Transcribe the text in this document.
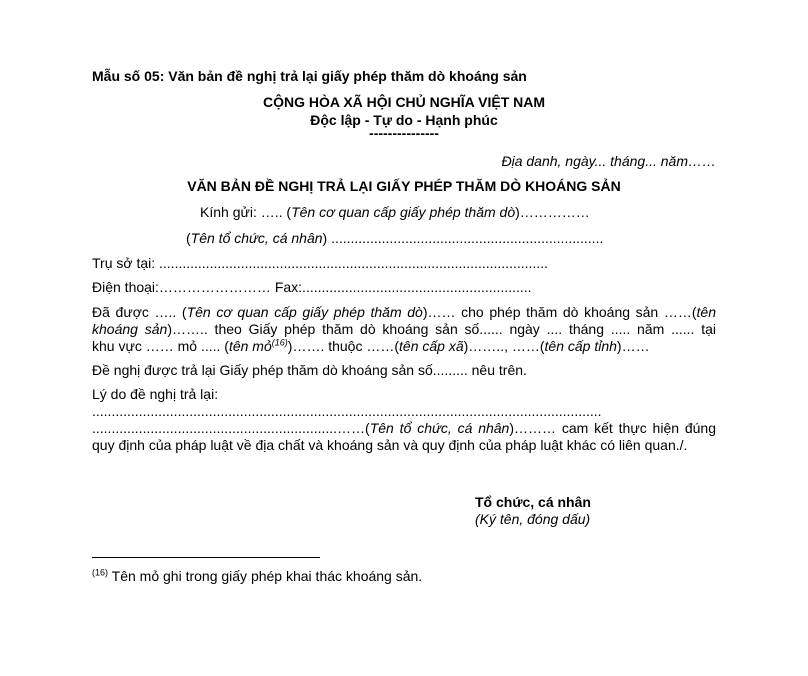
Mẫu số 05: Văn bản đề nghị trả lại giấy phép thăm dò khoáng sản
CỘNG HÒA XÃ HỘI CHỦ NGHĨA VIỆT NAM
Độc lập - Tự do - Hạnh phúc
---------------
Địa danh, ngày... tháng... năm……
VĂN BẢN ĐỀ NGHỊ TRẢ LẠI GIẤY PHÉP THĂM DÒ KHOÁNG SẢN
Kính gửi: ….. (Tên cơ quan cấp giấy phép thăm dò)……………
(Tên tổ chức, cá nhân) ......................................................................
Trụ sở tại: ....................................................................................................
Điện thoại:…………………… Fax:...........................................................
Đã được ….. (Tên cơ quan cấp giấy phép thăm dò)…… cho phép thăm dò khoáng sản ……(tên
khoáng sản)…….. theo Giấy phép thăm dò khoáng sản số...... ngày .... tháng ..... năm ...... tại
khu vực …… mỏ ..... (tên mỏ$^{(16)}$)……. thuộc ……(tên cấp xã)…….., ……(tên cấp tỉnh)……
Đề nghị được trả lại Giấy phép thăm dò khoáng sản số......... nêu trên.
Lý do đề nghị trả lại:
...................................................................................................................................
...............................................................……(Tên tổ chức, cá nhân)……… cam kết thực hiện đúng
quy định của pháp luật về địa chất và khoáng sản và quy định của pháp luật khác có liên quan./.
Tổ chức, cá nhân
(Ký tên, đóng dấu)
$^{(16)}$ Tên mỏ ghi trong giấy phép khai thác khoáng sản.
